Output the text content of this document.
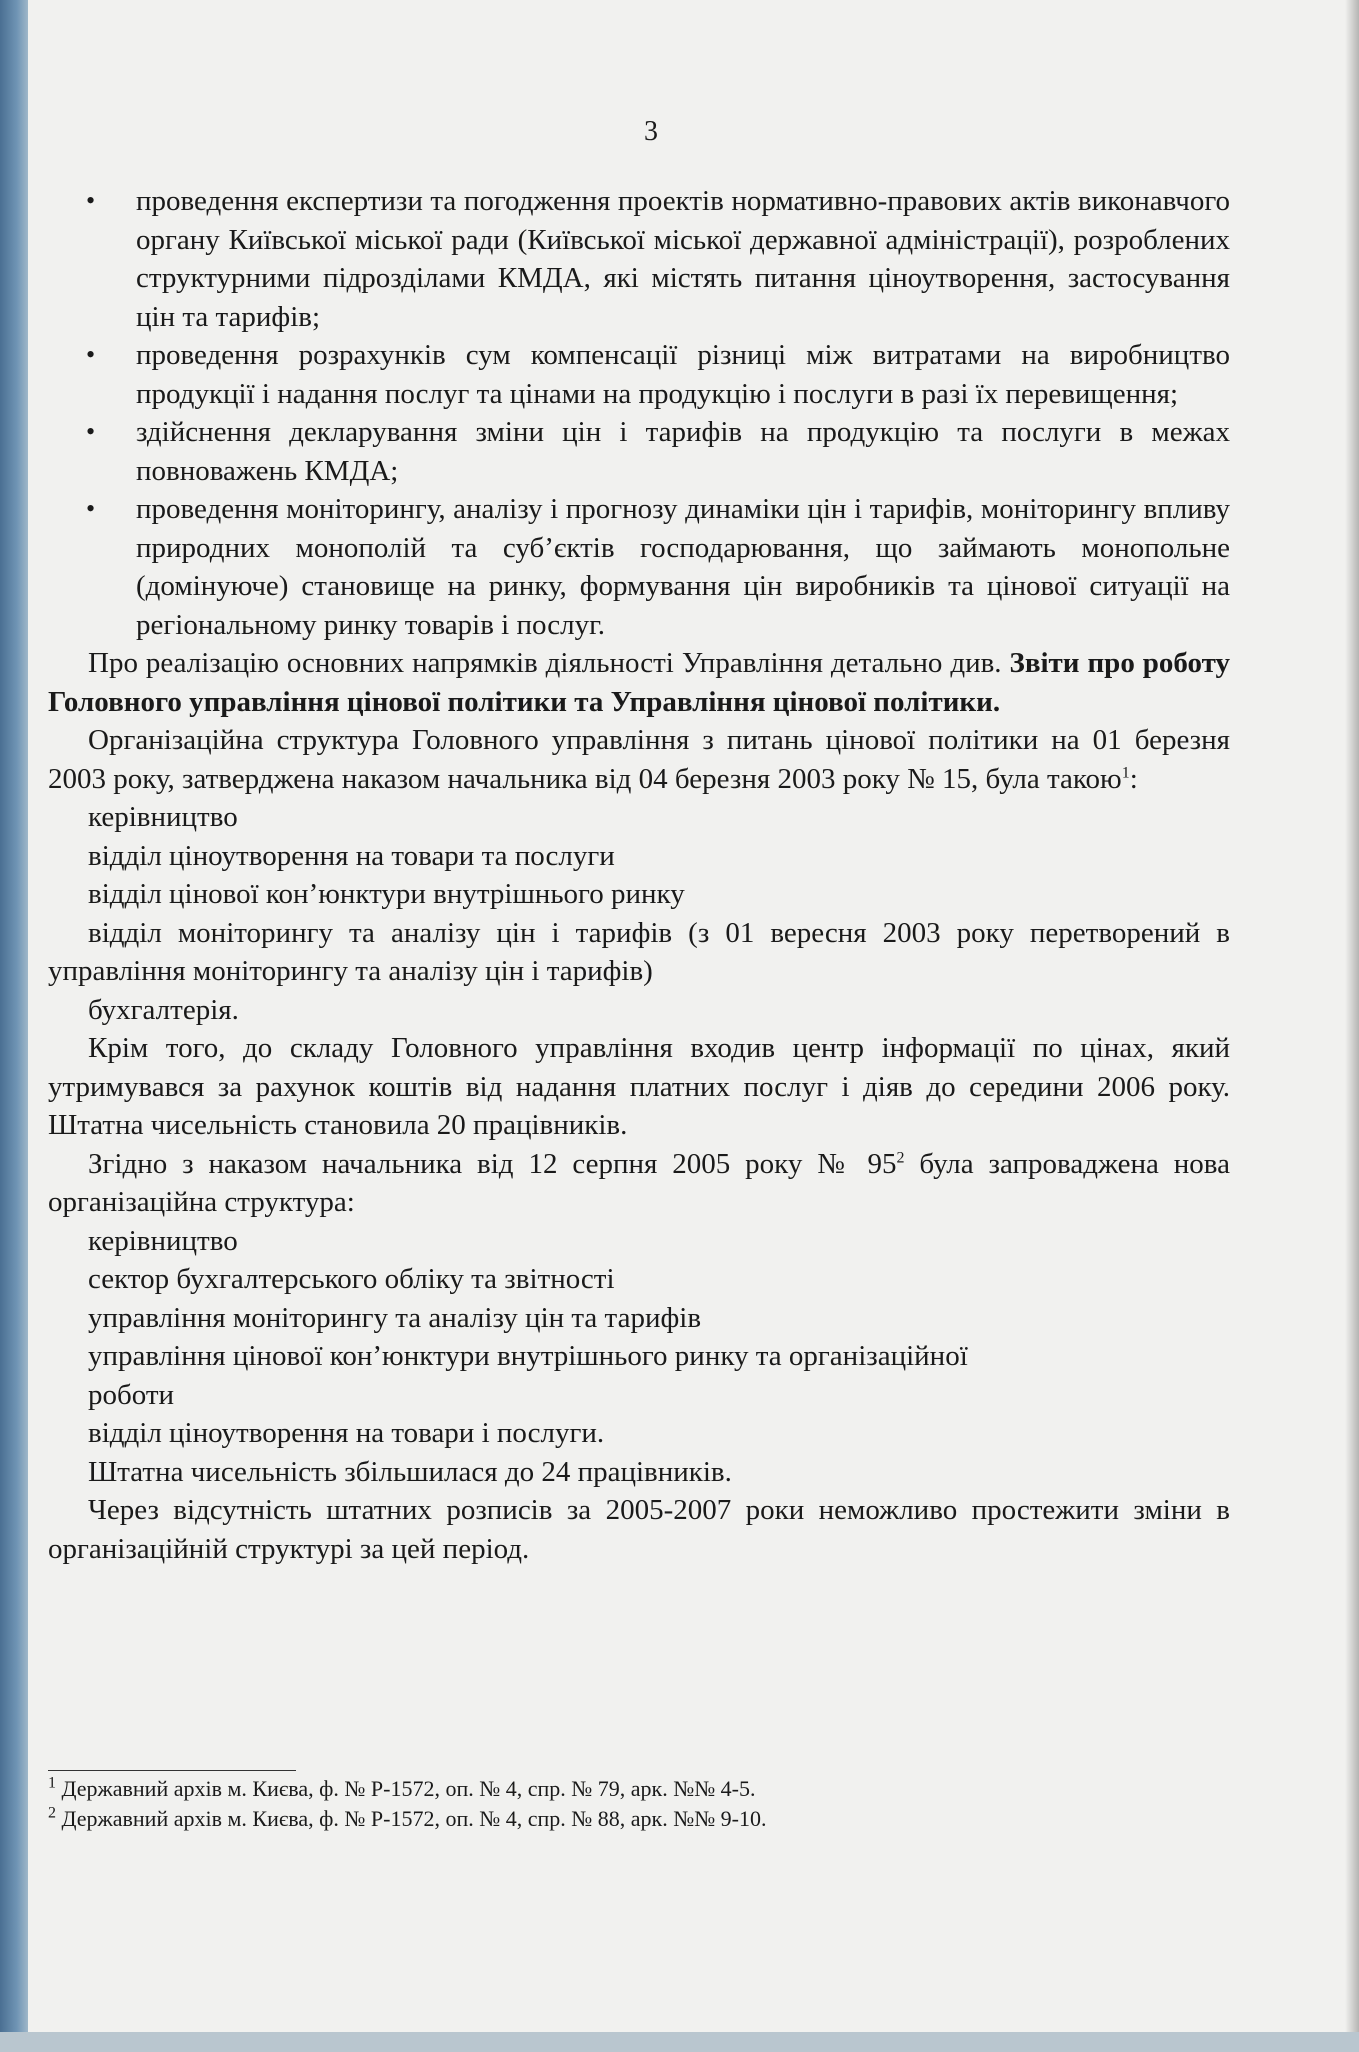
3
• проведення експертизи та погодження проектів нормативно-правових актів виконавчого органу Київської міської ради (Київської міської державної адміністрації), розроблених структурними підрозділами КМДА, які містять питання ціноутворення, застосування цін та тарифів;
• проведення розрахунків сум компенсації різниці між витратами на виробництво продукції і надання послуг та цінами на продукцію і послуги в разі їх перевищення;
• здійснення декларування зміни цін і тарифів на продукцію та послуги в межах повноважень КМДА;
• проведення моніторингу, аналізу і прогнозу динаміки цін і тарифів, моніторингу впливу природних монополій та суб’єктів господарювання, що займають монопольне (домінуюче) становище на ринку, формування цін виробників та цінової ситуації на регіональному ринку товарів і послуг.

Про реалізацію основних напрямків діяльності Управління детально див. Звіти про роботу Головного управління цінової політики та Управління цінової політики.

Організаційна структура Головного управління з питань цінової політики на 01 березня 2003 року, затверджена наказом начальника від 04 березня 2003 року № 15, була такою$^1$:

керівництво
відділ ціноутворення на товари та послуги
відділ цінової кон’юнктури внутрішнього ринку

відділ моніторингу та аналізу цін і тарифів (з 01 вересня 2003 року перетворений в управління моніторингу та аналізу цін і тарифів)

бухгалтерія.

Крім того, до складу Головного управління входив центр інформації по цінах, який утримувався за рахунок коштів від надання платних послуг і діяв до середини 2006 року. Штатна чисельність становила 20 працівників.

Згідно з наказом начальника від 12 серпня 2005 року № $95^2$ була запроваджена нова організаційна структура:

керівництво
сектор бухгалтерського обліку та звітності
управління моніторингу та аналізу цін та тарифів
управління цінової кон’юнктури внутрішнього ринку та організаційної
роботи
відділ ціноутворення на товари і послуги.

Штатна чисельність збільшилася до 24 працівників.

Через відсутність штатних розписів за 2005-2007 роки неможливо простежити зміни в організаційній структурі за цей період.

$^1$ Державний архів м. Києва, ф. № Р-1572, оп. № 4, спр. № 79, арк. №№ 4-5.
$^2$ Державний архів м. Києва, ф. № Р-1572, оп. № 4, спр. № 88, арк. №№ 9-10.
